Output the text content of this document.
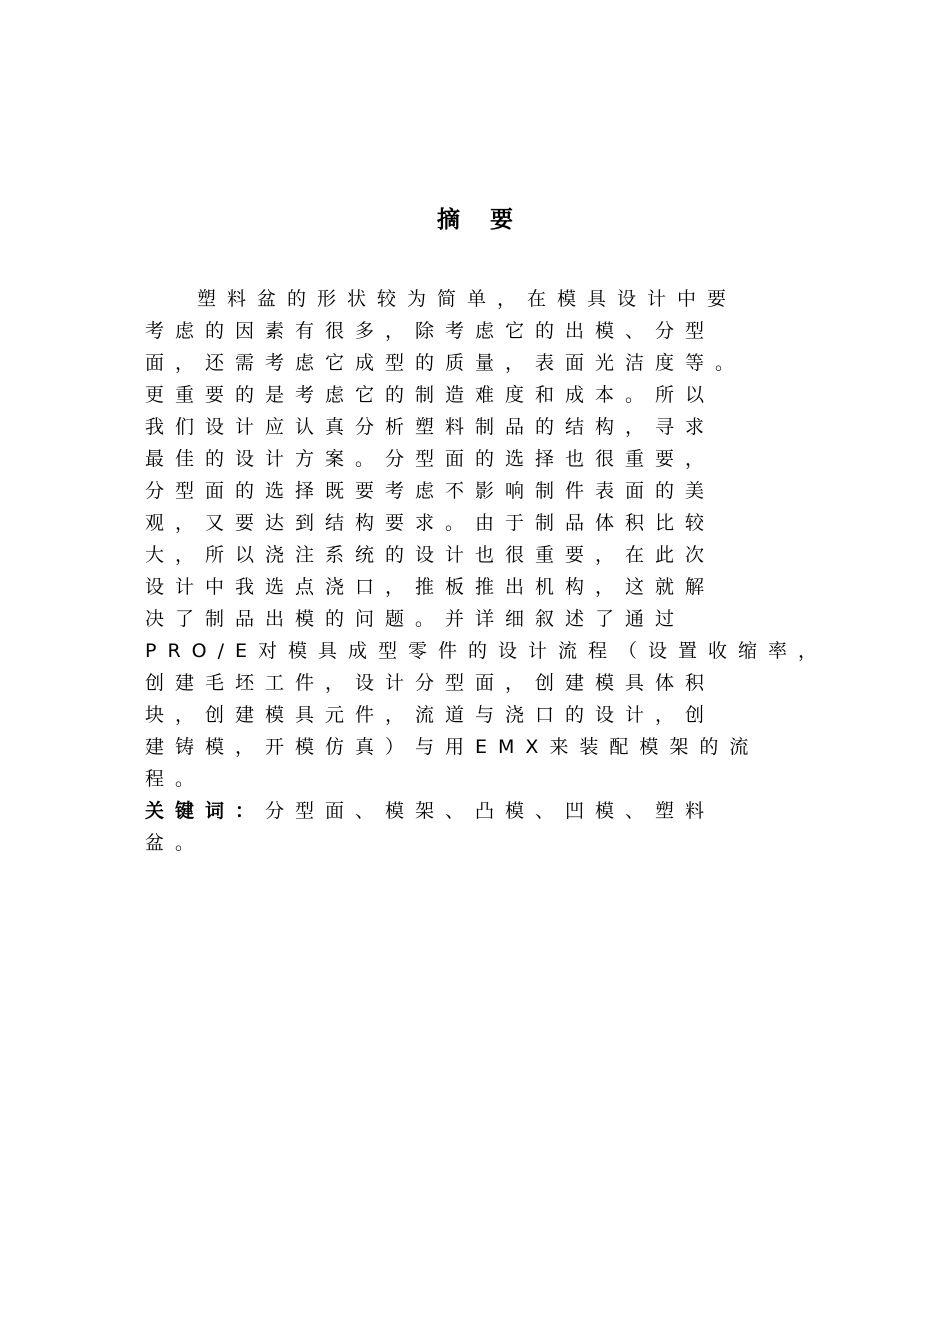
摘要
塑料盆的形状较为简单，在模具设计中要
考虑的因素有很多，除考虑它的出模、分型
面，还需考虑它成型的质量，表面光洁度等。
更重要的是考虑它的制造难度和成本。所以
我们设计应认真分析塑料制品的结构，寻求
最佳的设计方案。分型面的选择也很重要，
分型面的选择既要考虑不影响制件表面的美
观，又要达到结构要求。由于制品体积比较
大，所以浇注系统的设计也很重要，在此次
设计中我选点浇口，推板推出机构，这就解
决了制品出模的问题。并详细叙述了通过
PRO/E对模具成型零件的设计流程（设置收缩率，
创建毛坯工件，设计分型面，创建模具体积
块，创建模具元件，流道与浇口的设计，创
建铸模，开模仿真）与用EMX来装配模架的流
程。
关键词：分型面、模架、凸模、凹模、塑料
盆。
